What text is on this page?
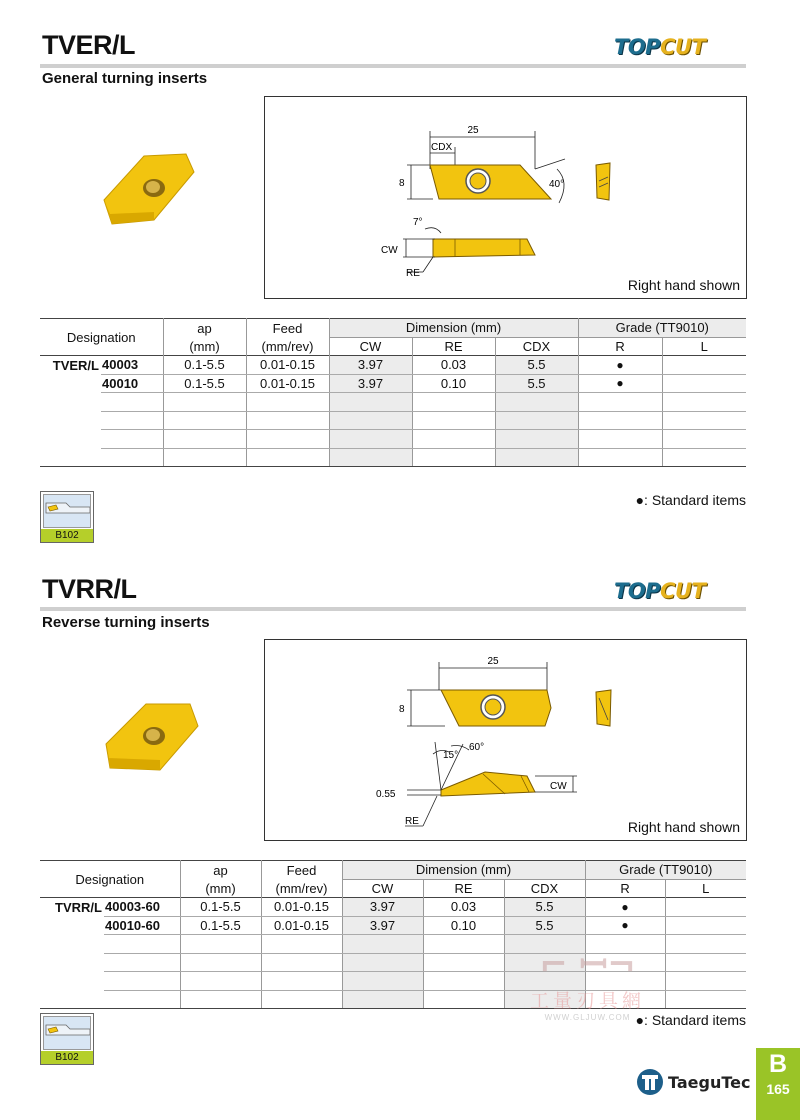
TVER/L	TOP CUT
General turning inserts
25
CDX
8	40°
7°
CW
RE
Right hand shown
Designation		ap	Feed	Dimension (mm)			Grade (TT9010)	
		(mm)	(mm/rev)	CW	RE	CDX	R	L
TVER/L	40003	0.1-5.5	0.01-0.15	3.97	0.03	5.5	●	
	40010	0.1-5.5	0.01-0.15	3.97	0.10	5.5	●	

●: Standard items
B102
TVRR/L	TOP CUT
Reverse turning inserts
25
8
15°
60°
0.55
CW
RE	Right hand shown
Designation		ap	Feed	Dimension (mm)			Grade (TT9010)	
		(mm)	(mm/rev)	CW	RE	CDX	R	L
TVRR/L	40003-60	0.1-5.5	0.01-0.15	3.97	0.03	5.5	●	
	40010-60	0.1-5.5	0.01-0.15	3.97	0.10	5.5	●	

●: Standard items
B102
⌐ ꟷ¬
工量刃具網
WWW.GLJUW.COM
TaeguTec
B
165
